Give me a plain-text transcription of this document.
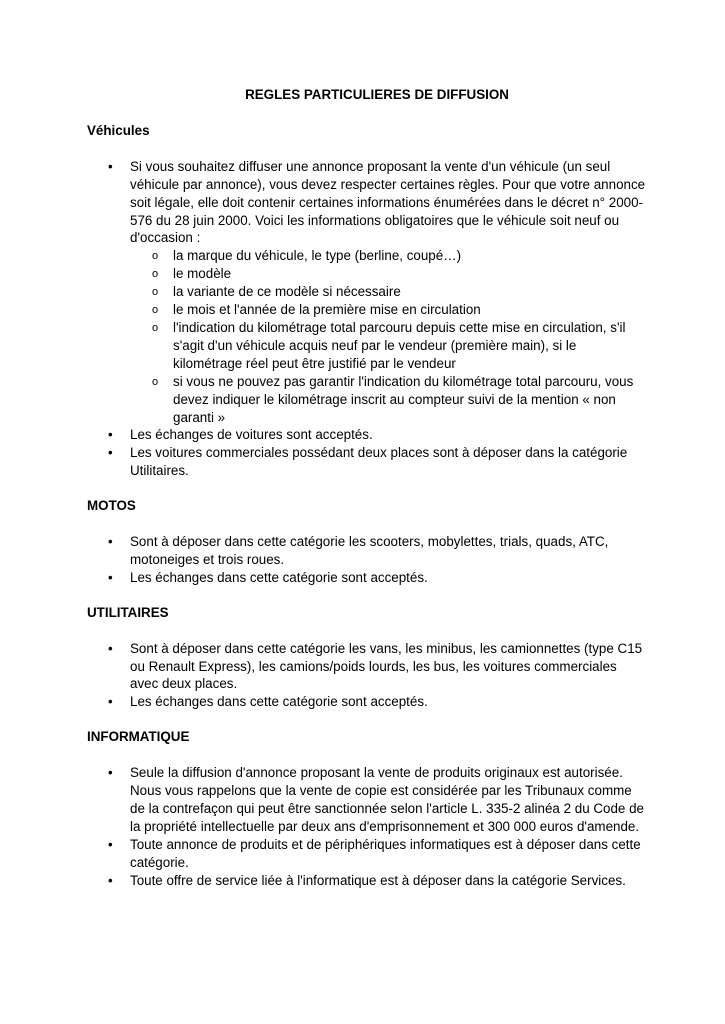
REGLES PARTICULIERES DE DIFFUSION

Véhicules

• Si vous souhaitez diffuser une annonce proposant la vente d'un véhicule (un seul véhicule par annonce), vous devez respecter certaines règles. Pour que votre annonce soit légale, elle doit contenir certaines informations énumérées dans le décret n° 2000-576 du 28 juin 2000. Voici les informations obligatoires que le véhicule soit neuf ou d'occasion :
o la marque du véhicule, le type (berline, coupé…)
o le modèle
o la variante de ce modèle si nécessaire
o le mois et l'année de la première mise en circulation
o l'indication du kilométrage total parcouru depuis cette mise en circulation, s'il s'agit d'un véhicule acquis neuf par le vendeur (première main), si le kilométrage réel peut être justifié par le vendeur
o si vous ne pouvez pas garantir l'indication du kilométrage total parcouru, vous devez indiquer le kilométrage inscrit au compteur suivi de la mention « non garanti »
• Les échanges de voitures sont acceptés.
• Les voitures commerciales possédant deux places sont à déposer dans la catégorie Utilitaires.

MOTOS

• Sont à déposer dans cette catégorie les scooters, mobylettes, trials, quads, ATC, motoneiges et trois roues.
• Les échanges dans cette catégorie sont acceptés.

UTILITAIRES

• Sont à déposer dans cette catégorie les vans, les minibus, les camionnettes (type C15 ou Renault Express), les camions/poids lourds, les bus, les voitures commerciales avec deux places.
• Les échanges dans cette catégorie sont acceptés.

INFORMATIQUE

• Seule la diffusion d'annonce proposant la vente de produits originaux est autorisée. Nous vous rappelons que la vente de copie est considérée par les Tribunaux comme de la contrefaçon qui peut être sanctionnée selon l'article L. 335-2 alinéa 2 du Code de la propriété intellectuelle par deux ans d'emprisonnement et 300 000 euros d'amende.
• Toute annonce de produits et de périphériques informatiques est à déposer dans cette catégorie.
• Toute offre de service liée à l'informatique est à déposer dans la catégorie Services.
